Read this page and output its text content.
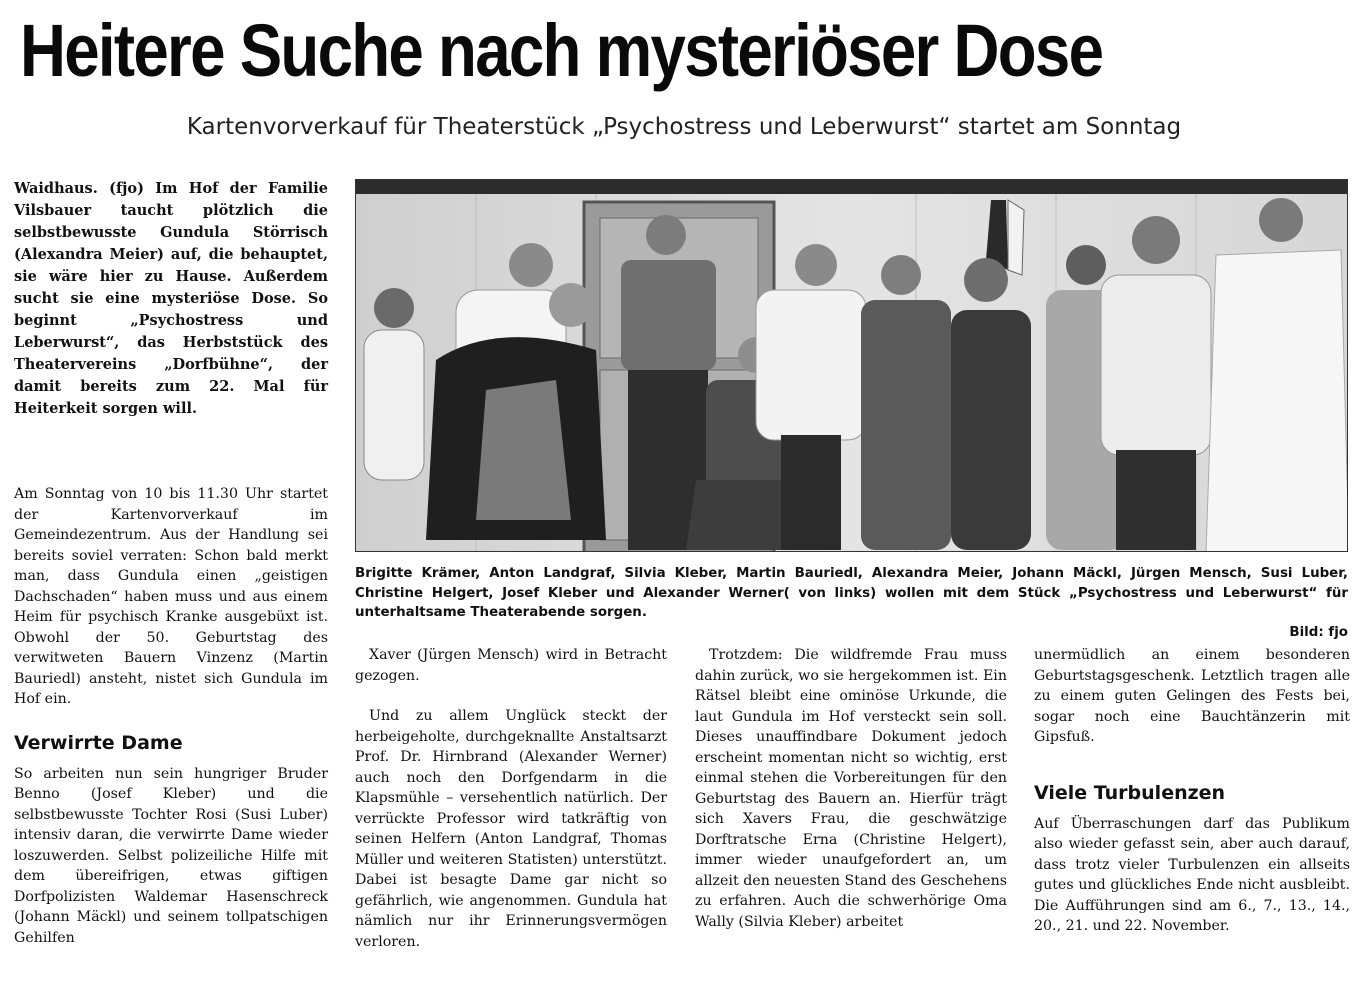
Heitere Suche nach mysteriöser Dose
Kartenvorverkauf für Theaterstück „Psychostress und Leberwurst“ startet am Sonntag
Waidhaus. (fjo) Im Hof der Familie Vilsbauer taucht plötzlich die selbstbewusste Gundula Störrisch (Alexandra Meier) auf, die behauptet, sie wäre hier zu Hause. Außerdem sucht sie eine mysteriöse Dose. So beginnt „Psychostress und Leberwurst“, das Herbststück des Theatervereins „Dorfbühne“, der damit bereits zum 22. Mal für Heiterkeit sorgen will.

Am Sonntag von 10 bis 11.30 Uhr startet der Kartenvorverkauf im Gemeindezentrum. Aus der Handlung sei bereits soviel verraten: Schon bald merkt man, dass Gundula einen „geistigen Dachschaden“ haben muss und aus einem Heim für psychisch Kranke ausgebüxt ist. Obwohl der 50. Geburtstag des verwitweten Bauern Vinzenz (Martin Bauriedl) ansteht, nistet sich Gundula im Hof ein.

Verwirrte Dame

So arbeiten nun sein hungriger Bruder Benno (Josef Kleber) und die selbstbewusste Tochter Rosi (Susi Luber) intensiv daran, die verwirrte Dame wieder loszuwerden. Selbst polizeiliche Hilfe mit dem übereifrigen, etwas giftigen Dorfpolizisten Waldemar Hasenschreck (Johann Mäckl) und seinem tollpatschigen Gehilfen

Brigitte Krämer, Anton Landgraf, Silvia Kleber, Martin Bauriedl, Alexandra Meier, Johann Mäckl, Jürgen Mensch, Susi Luber, Christine Helgert, Josef Kleber und Alexander Werner( von links) wollen mit dem Stück „Psychostress und Leberwurst“ für unterhaltsame Theaterabende sorgen.
Bild: fjo

Xaver (Jürgen Mensch) wird in Betracht gezogen.

Und zu allem Unglück steckt der herbeigeholte, durchgeknallte Anstaltsarzt Prof. Dr. Hirnbrand (Alexander Werner) auch noch den Dorfgendarm in die Klapsmühle – versehentlich natürlich. Der verrückte Professor wird tatkräftig von seinen Helfern (Anton Landgraf, Thomas Müller und weiteren Statisten) unterstützt. Dabei ist besagte Dame gar nicht so gefährlich, wie angenommen. Gundula hat nämlich nur ihr Erinnerungsvermögen verloren.

Trotzdem: Die wildfremde Frau muss dahin zurück, wo sie hergekommen ist. Ein Rätsel bleibt eine ominöse Urkunde, die laut Gundula im Hof versteckt sein soll. Dieses unauffindbare Dokument jedoch erscheint momentan nicht so wichtig, erst einmal stehen die Vorbereitungen für den Geburtstag des Bauern an. Hierfür trägt sich Xavers Frau, die geschwätzige Dorftratsche Erna (Christine Helgert), immer wieder unaufgefordert an, um allzeit den neuesten Stand des Geschehens zu erfahren. Auch die schwerhörige Oma Wally (Silvia Kleber) arbeitet

unermüdlich an einem besonderen Geburtstagsgeschenk. Letztlich tragen alle zu einem guten Gelingen des Fests bei, sogar noch eine Bauchtänzerin mit Gipsfuß.

Viele Turbulenzen

Auf Überraschungen darf das Publikum also wieder gefasst sein, aber auch darauf, dass trotz vieler Turbulenzen ein allseits gutes und glückliches Ende nicht ausbleibt. Die Aufführungen sind am 6., 7., 13., 14., 20., 21. und 22. November.
